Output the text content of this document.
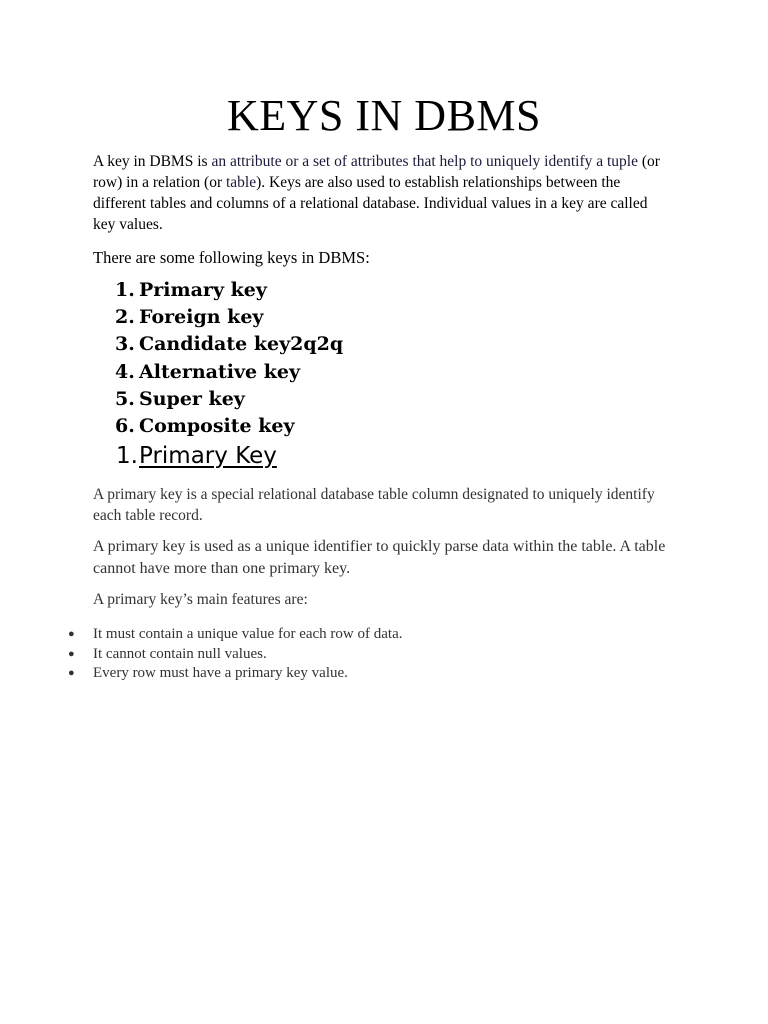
KEYS IN DBMS

A key in DBMS is an attribute or a set of attributes that help to uniquely identify a tuple (or row) in a relation (or table). Keys are also used to establish relationships between the different tables and columns of a relational database. Individual values in a key are called key values.

There are some following keys in DBMS:

1. Primary key
2. Foreign key
3. Candidate key2q2q
4. Alternative key
5. Super key
6. Composite key
1.Primary Key

A primary key is a special relational database table column designated to uniquely identify each table record.

A primary key is used as a unique identifier to quickly parse data within the table. A table cannot have more than one primary key.

A primary key’s main features are:

● It must contain a unique value for each row of data.
● It cannot contain null values.
● Every row must have a primary key value.
